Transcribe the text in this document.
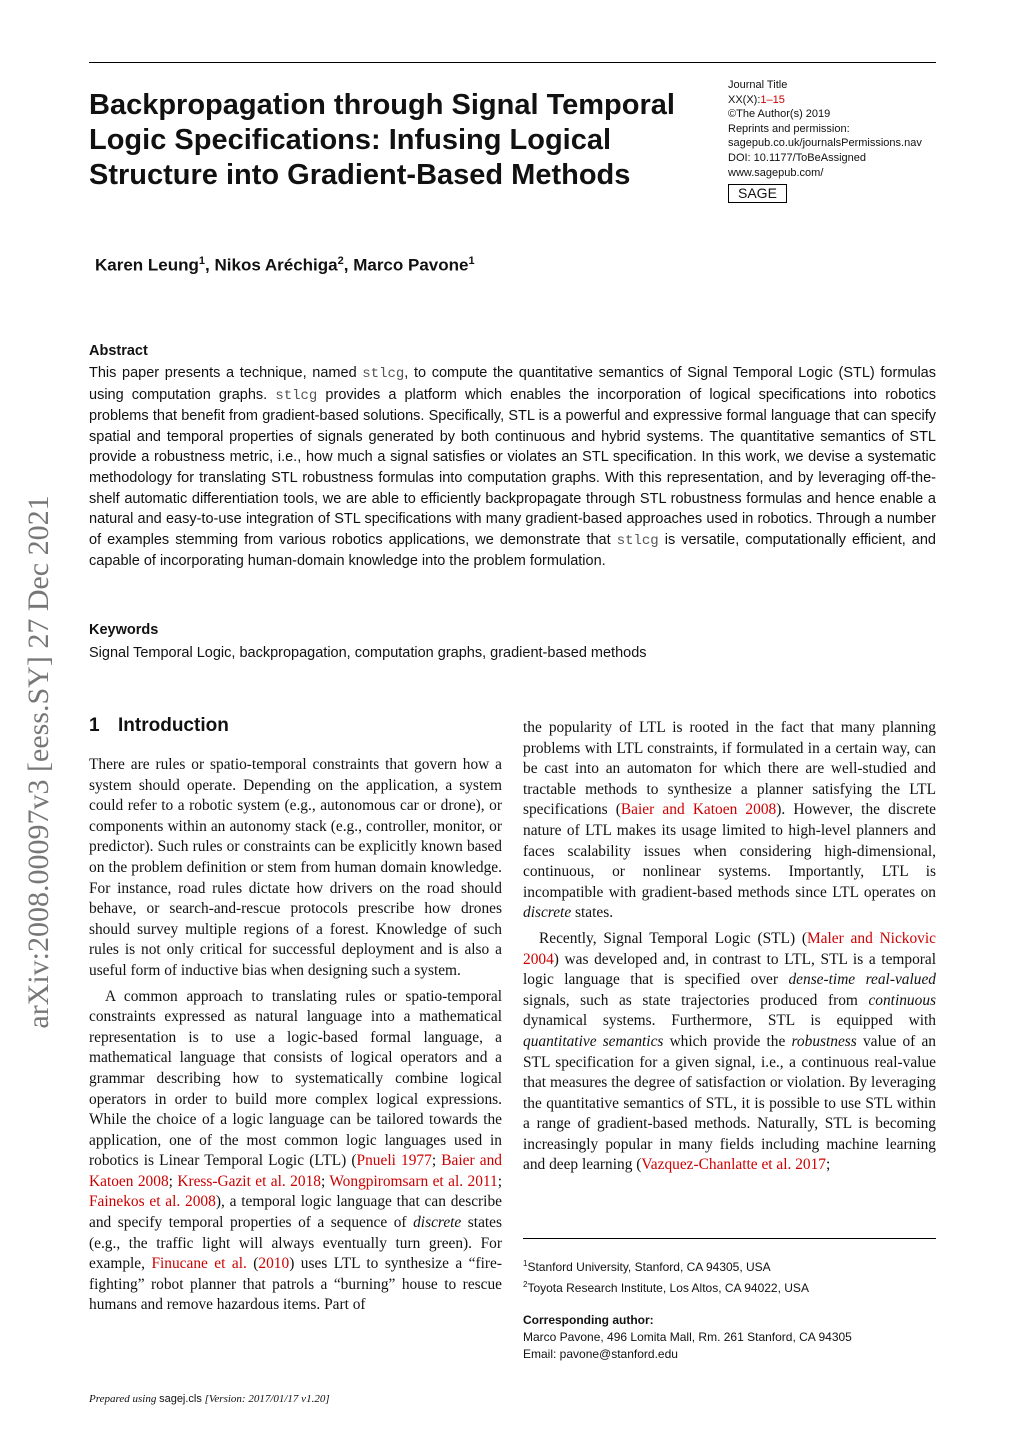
Backpropagation through Signal Temporal Logic Specifications: Infusing Logical Structure into Gradient-Based Methods
Journal Title
XX(X):1–15
©The Author(s) 2019
Reprints and permission:
sagepub.co.uk/journalsPermissions.nav
DOI: 10.1177/ToBeAssigned
www.sagepub.com/
SAGE
Karen Leung$^1$, Nikos Aréchiga$^2$, Marco Pavone$^1$
arXiv:2008.00097v3 [eess.SY] 27 Dec 2021
Abstract

This paper presents a technique, named stlcg, to compute the quantitative semantics of Signal Temporal Logic (STL) formulas using computation graphs. stlcg provides a platform which enables the incorporation of logical specifications into robotics problems that benefit from gradient-based solutions. Specifically, STL is a powerful and expressive formal language that can specify spatial and temporal properties of signals generated by both continuous and hybrid systems. The quantitative semantics of STL provide a robustness metric, i.e., how much a signal satisfies or violates an STL specification. In this work, we devise a systematic methodology for translating STL robustness formulas into computation graphs. With this representation, and by leveraging off-the-shelf automatic differentiation tools, we are able to efficiently backpropagate through STL robustness formulas and hence enable a natural and easy-to-use integration of STL specifications with many gradient-based approaches used in robotics. Through a number of examples stemming from various robotics applications, we demonstrate that stlcg is versatile, computationally efficient, and capable of incorporating human-domain knowledge into the problem formulation.

Keywords

Signal Temporal Logic, backpropagation, computation graphs, gradient-based methods

1 Introduction

There are rules or spatio-temporal constraints that govern how a system should operate. Depending on the application, a system could refer to a robotic system (e.g., autonomous car or drone), or components within an autonomy stack (e.g., controller, monitor, or predictor). Such rules or constraints can be explicitly known based on the problem definition or stem from human domain knowledge. For instance, road rules dictate how drivers on the road should behave, or search-and-rescue protocols prescribe how drones should survey multiple regions of a forest. Knowledge of such rules is not only critical for successful deployment and is also a useful form of inductive bias when designing such a system.

A common approach to translating rules or spatio-temporal constraints expressed as natural language into a mathematical representation is to use a logic-based formal language, a mathematical language that consists of logical operators and a grammar describing how to systematically combine logical operators in order to build more complex logical expressions. While the choice of a logic language can be tailored towards the application, one of the most common logic languages used in robotics is Linear Temporal Logic (LTL) (Pnueli 1977; Baier and Katoen 2008; Kress-Gazit et al. 2018; Wongpiromsarn et al. 2011; Fainekos et al. 2008), a temporal logic language that can describe and specify temporal properties of a sequence of discrete states (e.g., the traffic light will always eventually turn green). For example, Finucane et al. (2010) uses LTL to synthesize a “fire-fighting” robot planner that patrols a “burning” house to rescue humans and remove hazardous items. Part of

the popularity of LTL is rooted in the fact that many planning problems with LTL constraints, if formulated in a certain way, can be cast into an automaton for which there are well-studied and tractable methods to synthesize a planner satisfying the LTL specifications (Baier and Katoen 2008). However, the discrete nature of LTL makes its usage limited to high-level planners and faces scalability issues when considering high-dimensional, continuous, or nonlinear systems. Importantly, LTL is incompatible with gradient-based methods since LTL operates on discrete states.

Recently, Signal Temporal Logic (STL) (Maler and Nickovic 2004) was developed and, in contrast to LTL, STL is a temporal logic language that is specified over dense-time real-valued signals, such as state trajectories produced from continuous dynamical systems. Furthermore, STL is equipped with quantitative semantics which provide the robustness value of an STL specification for a given signal, i.e., a continuous real-value that measures the degree of satisfaction or violation. By leveraging the quantitative semantics of STL, it is possible to use STL within a range of gradient-based methods. Naturally, STL is becoming increasingly popular in many fields including machine learning and deep learning (Vazquez-Chanlatte et al. 2017;

$^1$Stanford University, Stanford, CA 94305, USA
$^2$Toyota Research Institute, Los Altos, CA 94022, USA
Corresponding author:
Marco Pavone, 496 Lomita Mall, Rm. 261 Stanford, CA 94305
Email: pavone@stanford.edu
Prepared using sagej.cls [Version: 2017/01/17 v1.20]
